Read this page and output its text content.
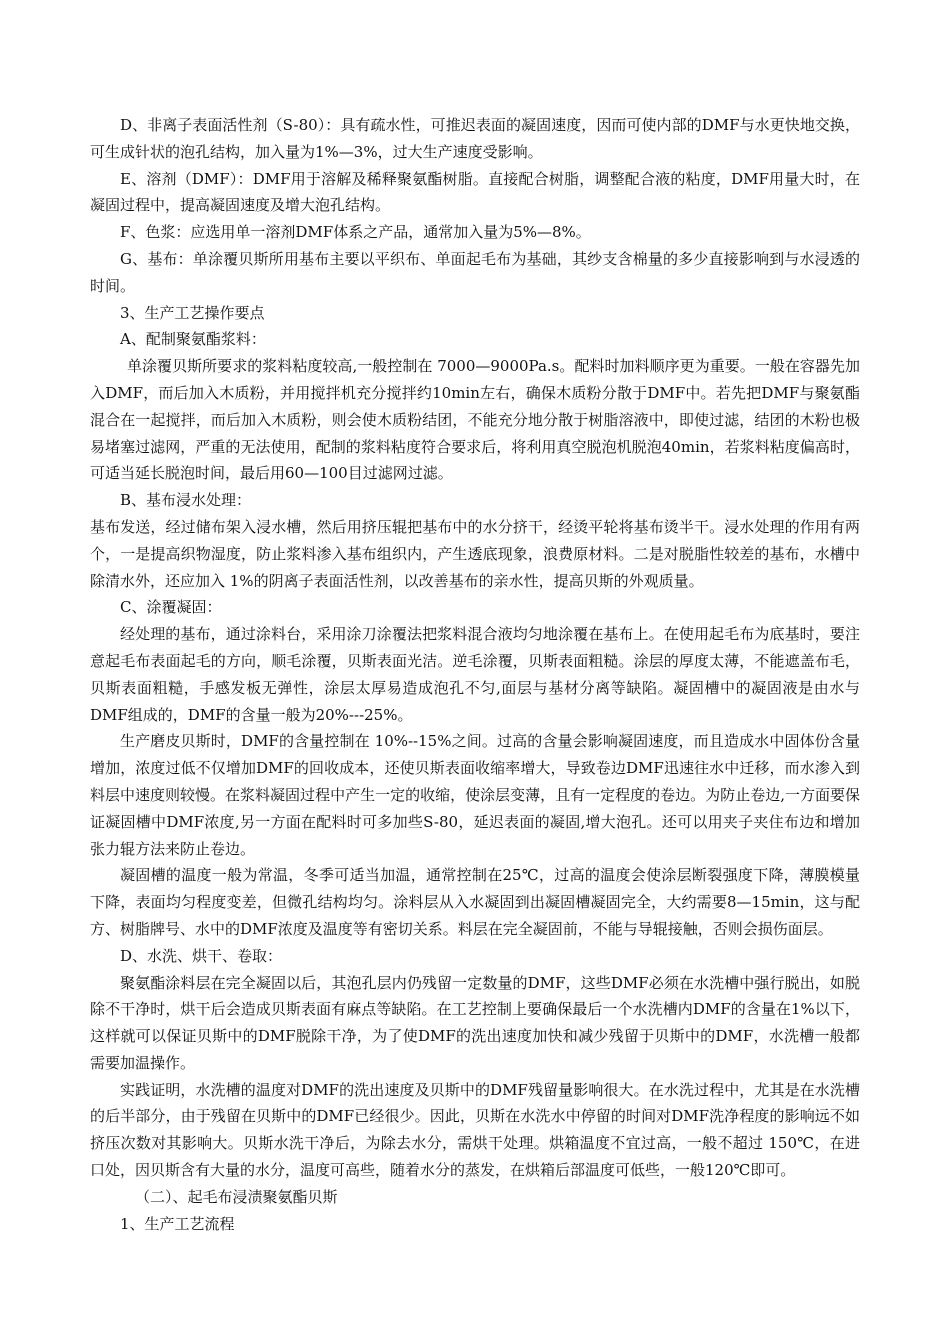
D、非离子表面活性剂（S-80）：具有疏水性，可推迟表面的凝固速度，因而可使内部的DMF与水更快地交换，可生成针状的泡孔结构，加入量为1%—3%，过大生产速度受影响。

E、溶剂（DMF）：DMF用于溶解及稀释聚氨酯树脂。直接配合树脂，调整配合液的粘度，DMF用量大时，在凝固过程中，提高凝固速度及增大泡孔结构。

F、色浆：应选用单一溶剂DMF体系之产品，通常加入量为5%—8%。

G、基布：单涂覆贝斯所用基布主要以平织布、单面起毛布为基础，其纱支含棉量的多少直接影响到与水浸透的时间。

3、生产工艺操作要点

A、配制聚氨酯浆料：

单涂覆贝斯所要求的浆料粘度较高,一般控制在 7000—9000Pa.s。配料时加料顺序更为重要。一般在容器先加入DMF，而后加入木质粉，并用搅拌机充分搅拌约10min左右，确保木质粉分散于DMF中。若先把DMF与聚氨酯混合在一起搅拌，而后加入木质粉，则会使木质粉结团，不能充分地分散于树脂溶液中，即使过滤，结团的木粉也极易堵塞过滤网，严重的无法使用，配制的浆料粘度符合要求后，将利用真空脱泡机脱泡40min，若浆料粘度偏高时，可适当延长脱泡时间，最后用60—100目过滤网过滤。

B、基布浸水处理：

基布发送，经过储布架入浸水槽，然后用挤压辊把基布中的水分挤干，经烫平轮将基布烫半干。浸水处理的作用有两个，一是提高织物湿度，防止浆料渗入基布组织内，产生透底现象，浪费原材料。二是对脱脂性较差的基布，水槽中除清水外，还应加入 1%的阴离子表面活性剂，以改善基布的亲水性，提高贝斯的外观质量。

C、涂覆凝固：

经处理的基布，通过涂料台，采用涂刀涂覆法把浆料混合液均匀地涂覆在基布上。在使用起毛布为底基时，要注意起毛布表面起毛的方向，顺毛涂覆，贝斯表面光洁。逆毛涂覆，贝斯表面粗糙。涂层的厚度太薄，不能遮盖布毛，贝斯表面粗糙，手感发板无弹性，涂层太厚易造成泡孔不匀,面层与基材分离等缺陷。凝固槽中的凝固液是由水与DMF组成的，DMF的含量一般为20%---25%。

生产磨皮贝斯时，DMF的含量控制在 10%--15%之间。过高的含量会影响凝固速度，而且造成水中固体份含量增加，浓度过低不仅增加DMF的回收成本，还使贝斯表面收缩率增大，导致卷边DMF迅速往水中迁移，而水渗入到料层中速度则较慢。在浆料凝固过程中产生一定的收缩，使涂层变薄，且有一定程度的卷边。为防止卷边,一方面要保证凝固槽中DMF浓度,另一方面在配料时可多加些S-80，延迟表面的凝固,增大泡孔。还可以用夹子夹住布边和增加张力辊方法来防止卷边。

凝固槽的温度一般为常温，冬季可适当加温，通常控制在25℃，过高的温度会使涂层断裂强度下降，薄膜模量下降，表面均匀程度变差，但微孔结构均匀。涂料层从入水凝固到出凝固槽凝固完全，大约需要8—15min，这与配方、树脂牌号、水中的DMF浓度及温度等有密切关系。料层在完全凝固前，不能与导辊接触，否则会损伤面层。

D、水洗、烘干、卷取：

聚氨酯涂料层在完全凝固以后，其泡孔层内仍残留一定数量的DMF，这些DMF必须在水洗槽中强行脱出，如脱除不干净时，烘干后会造成贝斯表面有麻点等缺陷。在工艺控制上要确保最后一个水洗槽内DMF的含量在1%以下，这样就可以保证贝斯中的DMF脱除干净，为了使DMF的洗出速度加快和减少残留于贝斯中的DMF，水洗槽一般都需要加温操作。

实践证明，水洗槽的温度对DMF的洗出速度及贝斯中的DMF残留量影响很大。在水洗过程中，尤其是在水洗槽的后半部分，由于残留在贝斯中的DMF已经很少。因此，贝斯在水洗水中停留的时间对DMF洗净程度的影响远不如挤压次数对其影响大。贝斯水洗干净后，为除去水分，需烘干处理。烘箱温度不宜过高，一般不超过 150℃，在进口处，因贝斯含有大量的水分，温度可高些，随着水分的蒸发，在烘箱后部温度可低些，一般120℃即可。

（二）、起毛布浸渍聚氨酯贝斯

1、生产工艺流程
